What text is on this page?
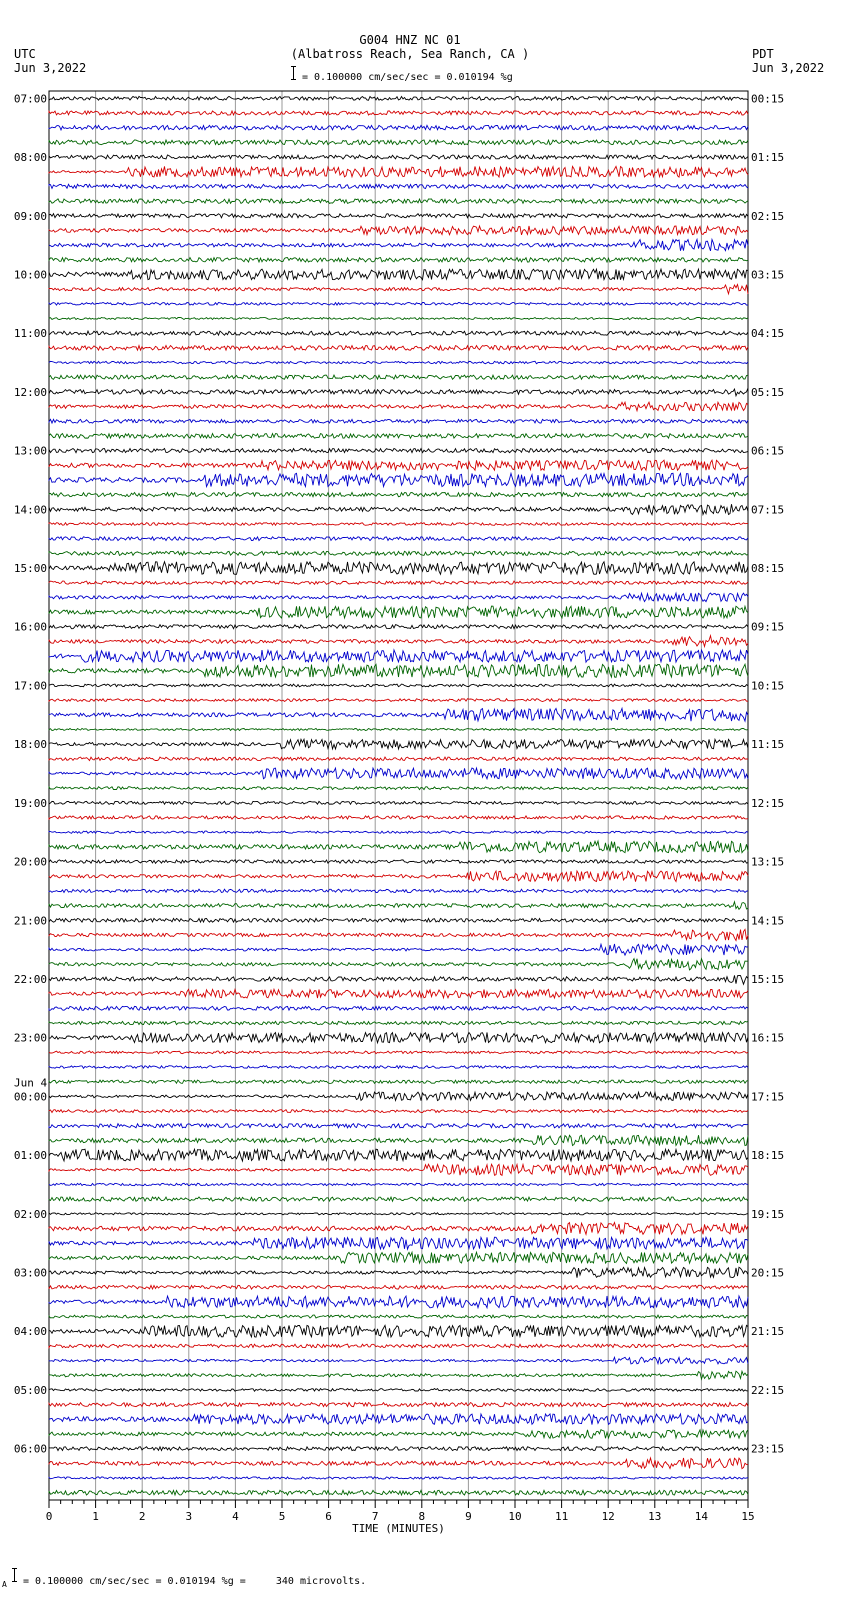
G004 HNZ NC 01
(Albatross Reach, Sea Ranch, CA )
= 0.100000 cm/sec/sec = 0.010194 %g
UTC
Jun 3,2022
PDT
Jun 3,2022
07:00
08:00
09:00
10:00
11:00
12:00
13:00
14:00
15:00
16:00
17:00
18:00
19:00
20:00
21:00
22:00
23:00
00:00
01:00
02:00
03:00
04:00
05:00
06:00
00:15
01:15
02:15
03:15
04:15
05:15
06:15
07:15
08:15
09:15
10:15
11:15
12:15
13:15
14:15
15:15
16:15
17:15
18:15
19:15
20:15
21:15
22:15
23:15
Jun 4
0	1	2	3	4	5	6	7	8	9	10	11	12	13	14	15
TIME (MINUTES)
A = 0.100000 cm/sec/sec = 0.010194 %g =     340 microvolts.
